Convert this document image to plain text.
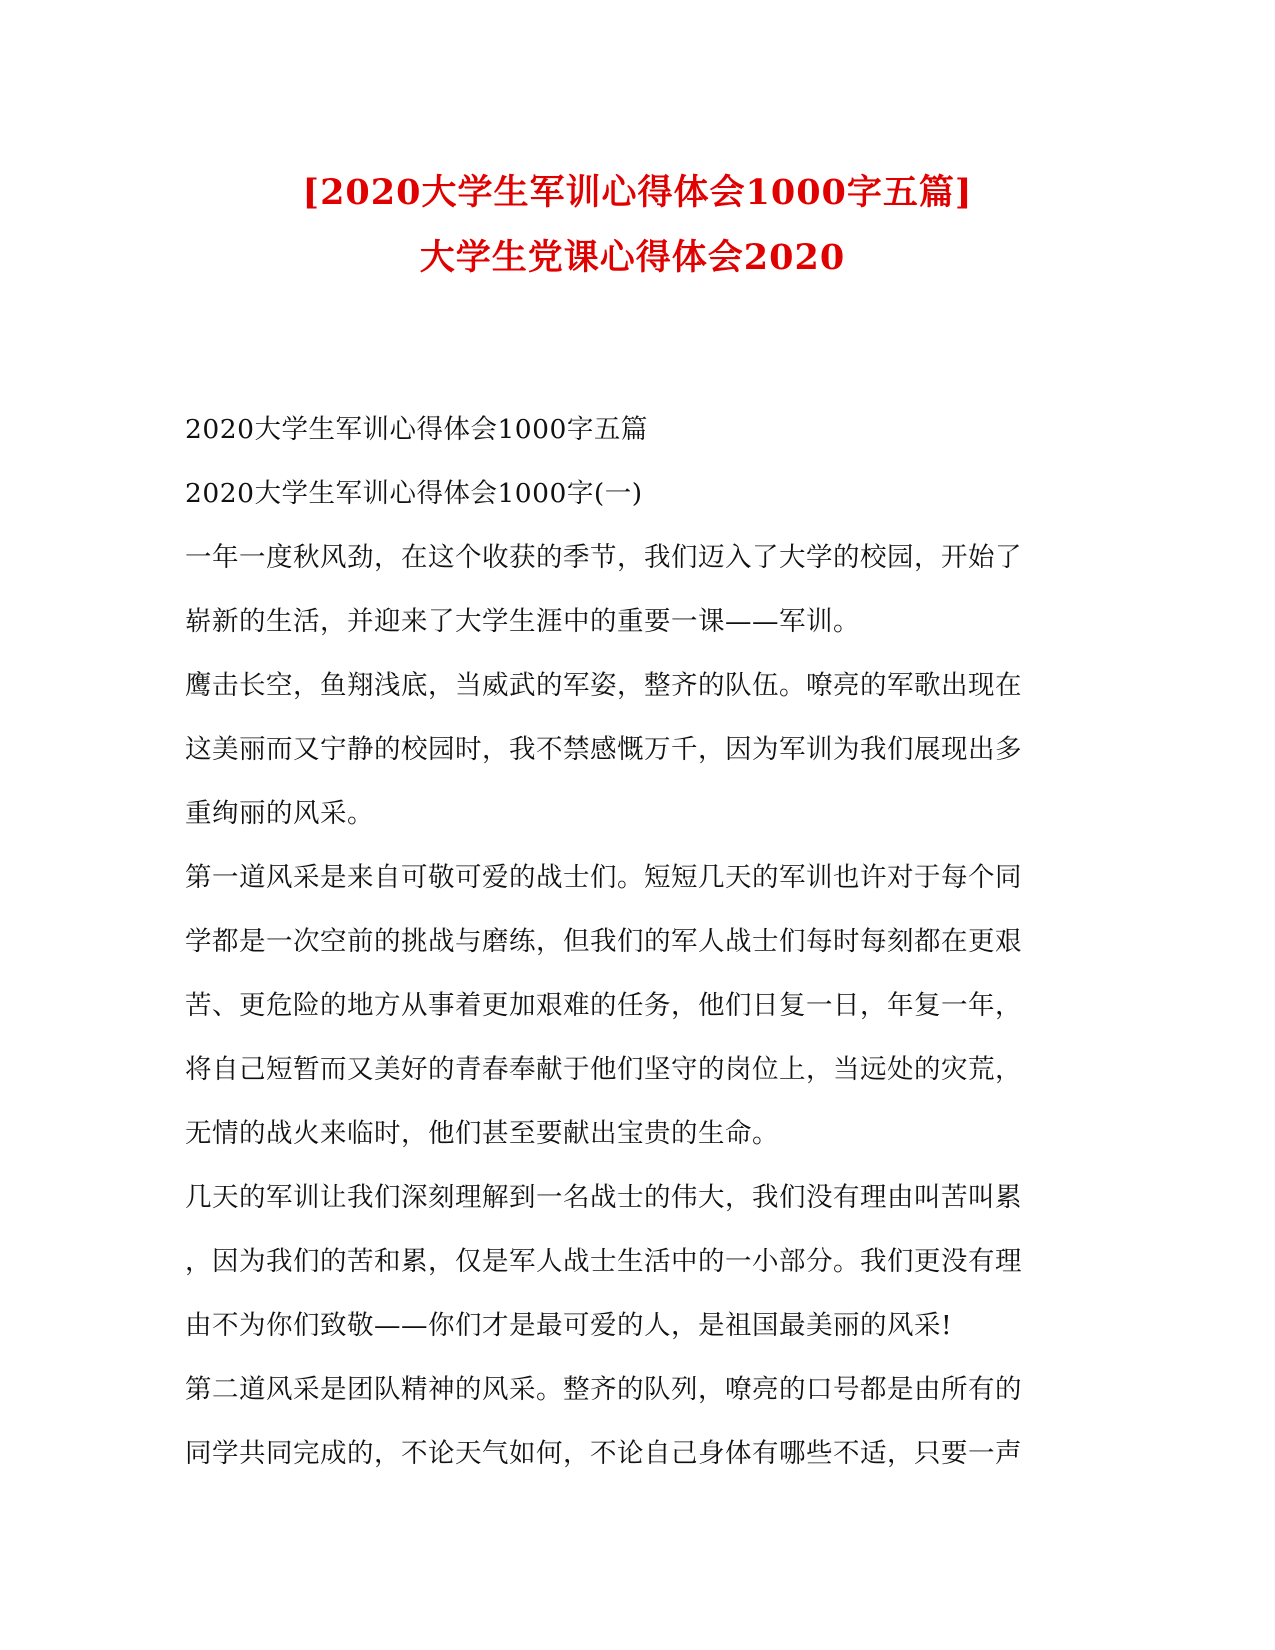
[2020大学生军训心得体会1000字五篇]
大学生党课心得体会2020
2020大学生军训心得体会1000字五篇
2020大学生军训心得体会1000字(一)
一年一度秋风劲，在这个收获的季节，我们迈入了大学的校园，开始了
崭新的生活，并迎来了大学生涯中的重要一课——军训。
鹰击长空，鱼翔浅底，当威武的军姿，整齐的队伍。嘹亮的军歌出现在
这美丽而又宁静的校园时，我不禁感慨万千，因为军训为我们展现出多
重绚丽的风采。
第一道风采是来自可敬可爱的战士们。短短几天的军训也许对于每个同
学都是一次空前的挑战与磨练，但我们的军人战士们每时每刻都在更艰
苦、更危险的地方从事着更加艰难的任务，他们日复一日，年复一年，
将自己短暂而又美好的青春奉献于他们坚守的岗位上，当远处的灾荒，
无情的战火来临时，他们甚至要献出宝贵的生命。
几天的军训让我们深刻理解到一名战士的伟大，我们没有理由叫苦叫累
，因为我们的苦和累，仅是军人战士生活中的一小部分。我们更没有理
由不为你们致敬——你们才是最可爱的人，是祖国最美丽的风采!
第二道风采是团队精神的风采。整齐的队列，嘹亮的口号都是由所有的
同学共同完成的，不论天气如何，不论自己身体有哪些不适，只要一声
